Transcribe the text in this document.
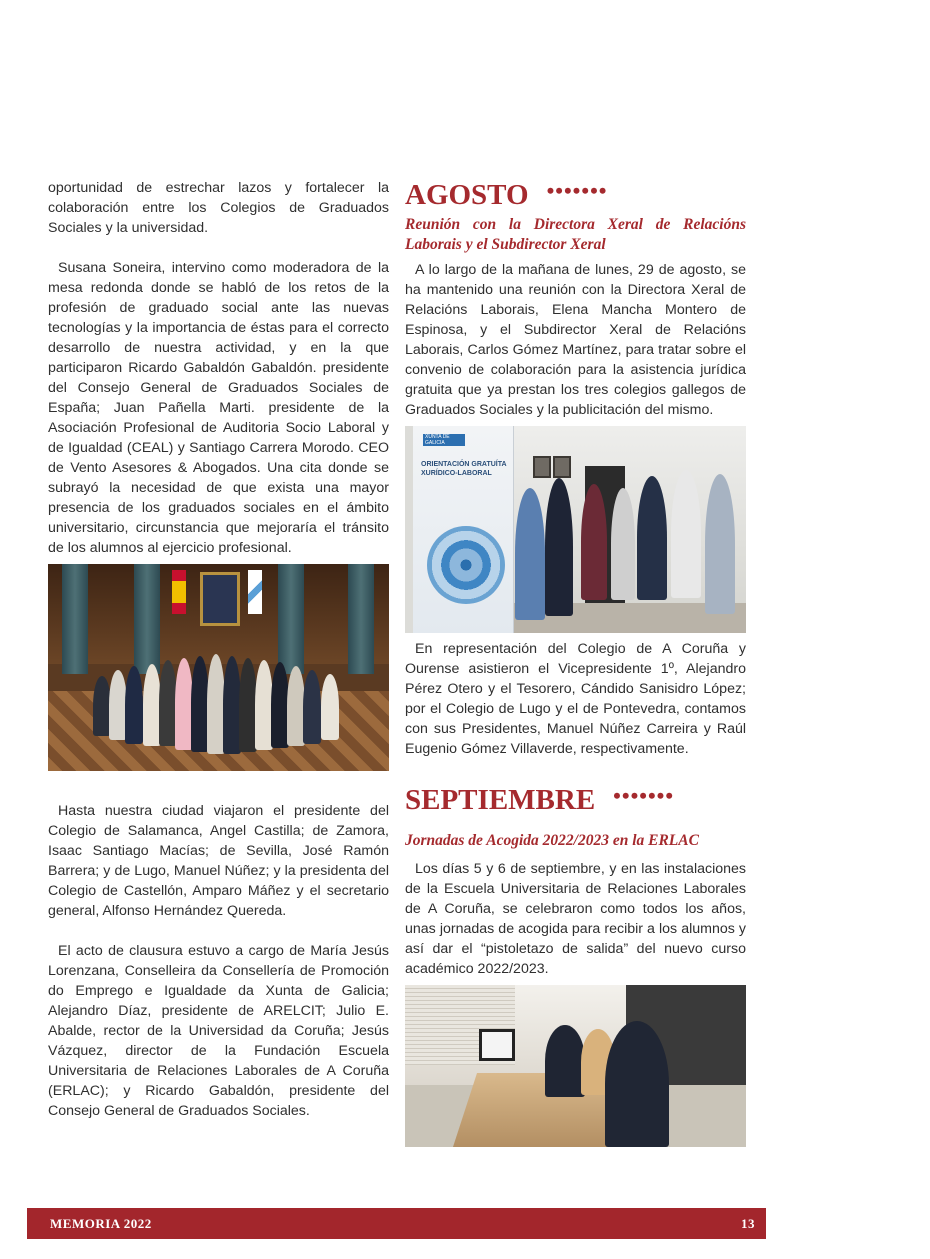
oportunidad de estrechar lazos y fortalecer la colaboración entre los Colegios de Graduados Sociales y la universidad.

Susana Soneira, intervino como moderadora de la mesa redonda donde se habló de los retos de la profesión de graduado social ante las nuevas tecnologías y la importancia de éstas para el correcto desarrollo de nuestra actividad, y en la que participaron Ricardo Gabaldón Gabaldón. presidente del Consejo General de Graduados Sociales de España; Juan Pañella Marti. presidente de la Asociación Profesional de Auditoria Socio Laboral y de Igualdad (CEAL) y Santiago Carrera Morodo. CEO de Vento Asesores & Abogados. Una cita donde se subrayó la necesidad de que exista una mayor presencia de los graduados sociales en el ámbito universitario, circunstancia que mejoraría el tránsito de los alumnos al ejercicio profesional.

Hasta nuestra ciudad viajaron el presidente del Colegio de Salamanca, Angel Castilla; de Zamora, Isaac Santiago Macías; de Sevilla, José Ramón Barrera; y de Lugo, Manuel Núñez; y la presidenta del Colegio de Castellón, Amparo Máñez y el secretario general, Alfonso Hernández Quereda.

El acto de clausura estuvo a cargo de María Jesús Lorenzana, Conselleira da Consellería de Promoción do Emprego e Igualdade da Xunta de Galicia; Alejandro Díaz, presidente de ARELCIT; Julio E. Abalde, rector de la Universidad da Coruña; Jesús Vázquez, director de la Fundación Escuela Universitaria de Relaciones Laborales de A Coruña (ERLAC); y Ricardo Gabaldón, presidente del Consejo General de Graduados Sociales.

AGOSTO •••••••

Reunión con la Directora Xeral de Relacións Laborais y el Subdirector Xeral

A lo largo de la mañana de lunes, 29 de agosto, se ha mantenido una reunión con la Directora Xeral de Relacións Laborais, Elena Mancha Montero de Espinosa, y el Subdirector Xeral de Relacións Laborais, Carlos Gómez Martínez, para tratar sobre el convenio de colaboración para la asistencia jurídica gratuita que ya prestan los tres colegios gallegos de Graduados Sociales y la publicitación del mismo.

XUNTA DE GALICIA
ORIENTACIÓN GRATUÍTA XURÍDICO-LABORAL

En representación del Colegio de A Coruña y Ourense asistieron el Vicepresidente 1º, Alejandro Pérez Otero y el Tesorero, Cándido Sanisidro López; por el Colegio de Lugo y el de Pontevedra, contamos con sus Presidentes, Manuel Núñez Carreira y Raúl Eugenio Gómez Villaverde, respectivamente.

SEPTIEMBRE •••••••

Jornadas de Acogida 2022/2023 en la ERLAC

Los días 5 y 6 de septiembre, y en las instalaciones de la Escuela Universitaria de Relaciones Laborales de A Coruña, se celebraron como todos los años, unas jornadas de acogida para recibir a los alumnos y así dar el “pistoletazo de salida” del nuevo curso académico 2022/2023.

MEMORIA 2022	13
